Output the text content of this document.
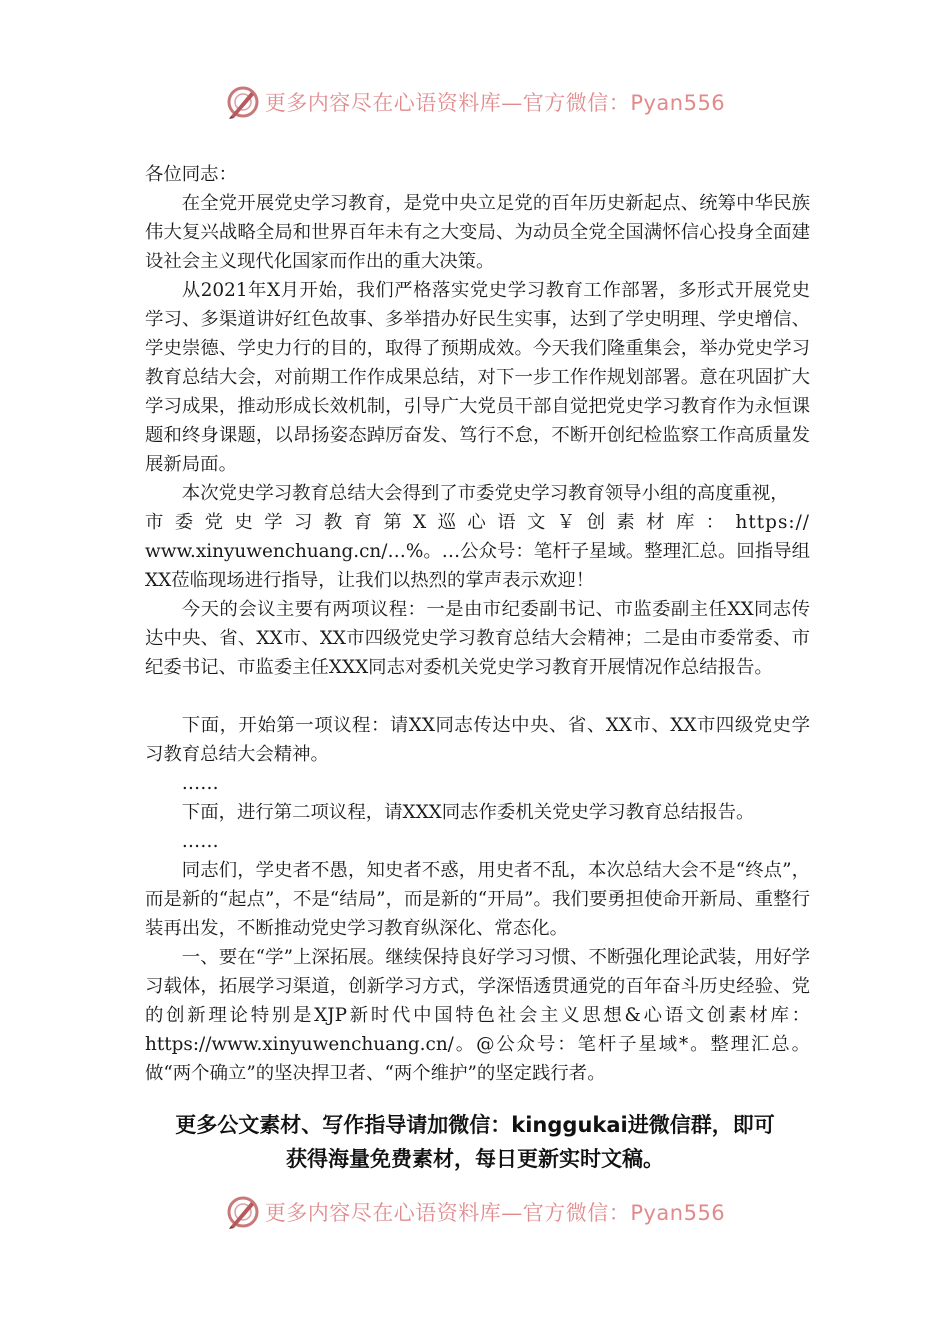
更多内容尽在心语资料库—官方微信：Pyan556

各位同志：

在全党开展党史学习教育，是党中央立足党的百年历史新起点、统筹中华民族伟大复兴战略全局和世界百年未有之大变局、为动员全党全国满怀信心投身全面建设社会主义现代化国家而作出的重大决策。

从2021年X月开始，我们严格落实党史学习教育工作部署，多形式开展党史学习、多渠道讲好红色故事、多举措办好民生实事，达到了学史明理、学史增信、学史崇德、学史力行的目的，取得了预期成效。今天我们隆重集会，举办党史学习教育总结大会，对前期工作作成果总结，对下一步工作作规划部署。意在巩固扩大学习成果，推动形成长效机制，引导广大党员干部自觉把党史学习教育作为永恒课题和终身课题，以昂扬姿态踔厉奋发、笃行不怠，不断开创纪检监察工作高质量发展新局面。

本次党史学习教育总结大会得到了市委党史学习教育领导小组的高度重视，

市委党史学习教育第X巡心语文￥创素材库：https://

www.xinyuwenchuang.cn/…%。…公众号：笔杆子星域。整理汇总。回指导组XX莅临现场进行指导，让我们以热烈的掌声表示欢迎！

今天的会议主要有两项议程：一是由市纪委副书记、市监委副主任XX同志传达中央、省、XX市、XX市四级党史学习教育总结大会精神；二是由市委常委、市纪委书记、市监委主任XXX同志对委机关党史学习教育开展情况作总结报告。

下面，开始第一项议程：请XX同志传达中央、省、XX市、XX市四级党史学习教育总结大会精神。

……

下面，进行第二项议程，请XXX同志作委机关党史学习教育总结报告。

……

同志们，学史者不愚，知史者不惑，用史者不乱，本次总结大会不是“终点”，而是新的“起点”，不是“结局”，而是新的“开局”。我们要勇担使命开新局、重整行装再出发，不断推动党史学习教育纵深化、常态化。

一、要在“学”上深拓展。继续保持良好学习习惯、不断强化理论武装，用好学习载体，拓展学习渠道，创新学习方式，学深悟透贯通党的百年奋斗历史经验、党的创新理论特别是XJP新时代中国特色社会主义思想&心语文创素材库：https://www.xinyuwenchuang.cn/。@公众号：笔杆子星域*。整理汇总。做“两个确立”的坚决捍卫者、“两个维护”的坚定践行者。

更多公文素材、写作指导请加微信：kinggukai进微信群，即可
获得海量免费素材，每日更新实时文稿。
更多内容尽在心语资料库—官方微信：Pyan556
